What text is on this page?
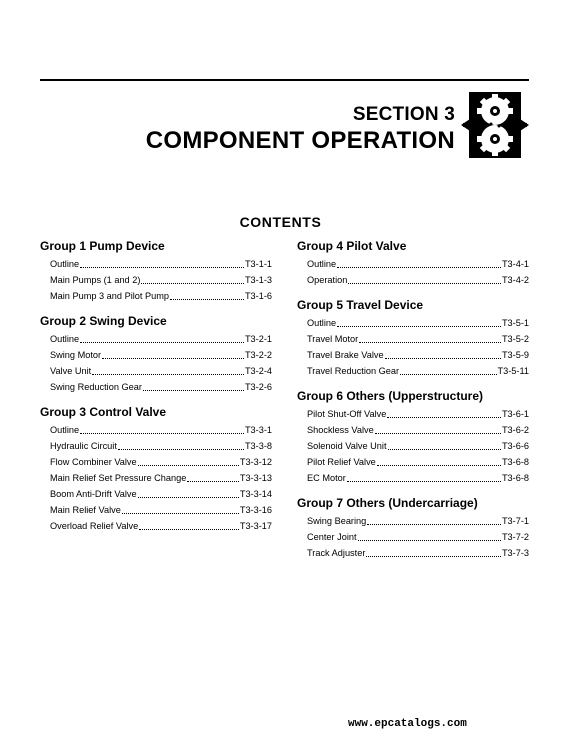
SECTION 3
COMPONENT OPERATION
CONTENTS
Group 1 Pump Device
Outline	T3-1-1
Main Pumps (1 and 2)	T3-1-3
Main Pump 3 and Pilot Pump	T3-1-6
Group 2 Swing Device
Outline	T3-2-1
Swing Motor	T3-2-2
Valve Unit	T3-2-4
Swing Reduction Gear	T3-2-6
Group 3 Control Valve
Outline	T3-3-1
Hydraulic Circuit	T3-3-8
Flow Combiner Valve	T3-3-12
Main Relief Set Pressure Change	T3-3-13
Boom Anti-Drift Valve	T3-3-14
Main Relief Valve	T3-3-16
Overload Relief Valve	T3-3-17
Group 4 Pilot Valve
Outline	T3-4-1
Operation	T3-4-2
Group 5 Travel Device
Outline	T3-5-1
Travel Motor	T3-5-2
Travel Brake Valve	T3-5-9
Travel Reduction Gear	T3-5-11
Group 6 Others (Upperstructure)
Pilot Shut-Off Valve	T3-6-1
Shockless Valve	T3-6-2
Solenoid Valve Unit	T3-6-6
Pilot Relief Valve	T3-6-8
EC Motor	T3-6-8
Group 7 Others (Undercarriage)
Swing Bearing	T3-7-1
Center Joint	T3-7-2
Track Adjuster	T3-7-3
www.epcatalogs.com
